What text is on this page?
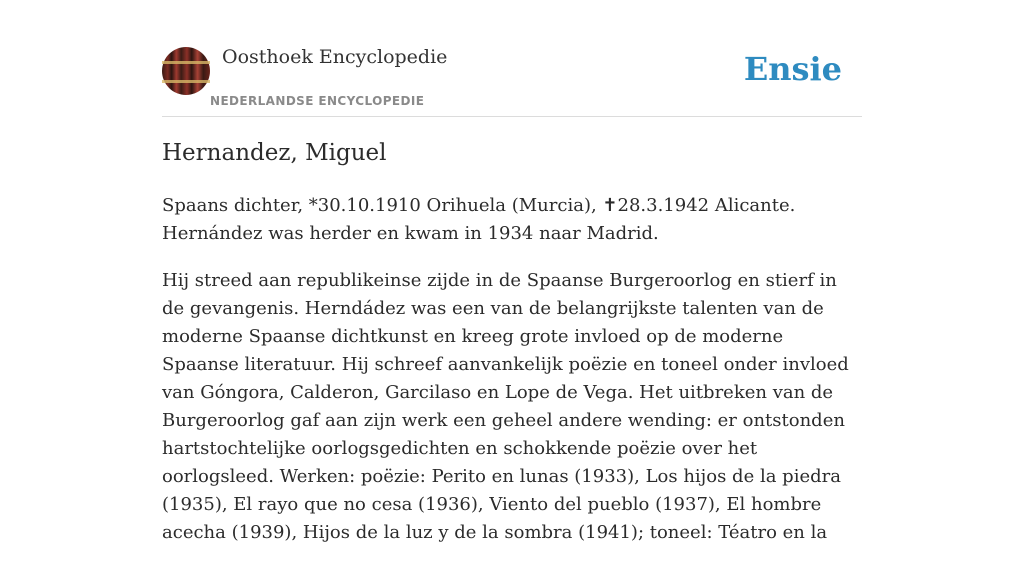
Oosthoek Encyclopedie
NEDERLANDSE ENCYCLOPEDIE
Ensie
Hernandez, Miguel

Spaans dichter, *30.10.1910 Orihuela (Murcia), ✝28.3.1942 Alicante. Hernández was herder en kwam in 1934 naar Madrid.

Hij streed aan republikeinse zijde in de Spaanse Burgeroorlog en stierf in de gevangenis. Herndádez was een van de belangrijkste talenten van de moderne Spaanse dichtkunst en kreeg grote invloed op de moderne Spaanse literatuur. Hij schreef aanvankelijk poëzie en toneel onder invloed van Góngora, Calderon, Garcilaso en Lope de Vega. Het uitbreken van de Burgeroorlog gaf aan zijn werk een geheel andere wending: er ontstonden hartstochtelijke oorlogsgedichten en schokkende poëzie over het oorlogsleed. Werken: poëzie: Perito en lunas (1933), Los hijos de la piedra (1935), El rayo que no cesa (1936), Viento del pueblo (1937), El hombre acecha (1939), Hijos de la luz y de la sombra (1941); toneel: Téatro en la
